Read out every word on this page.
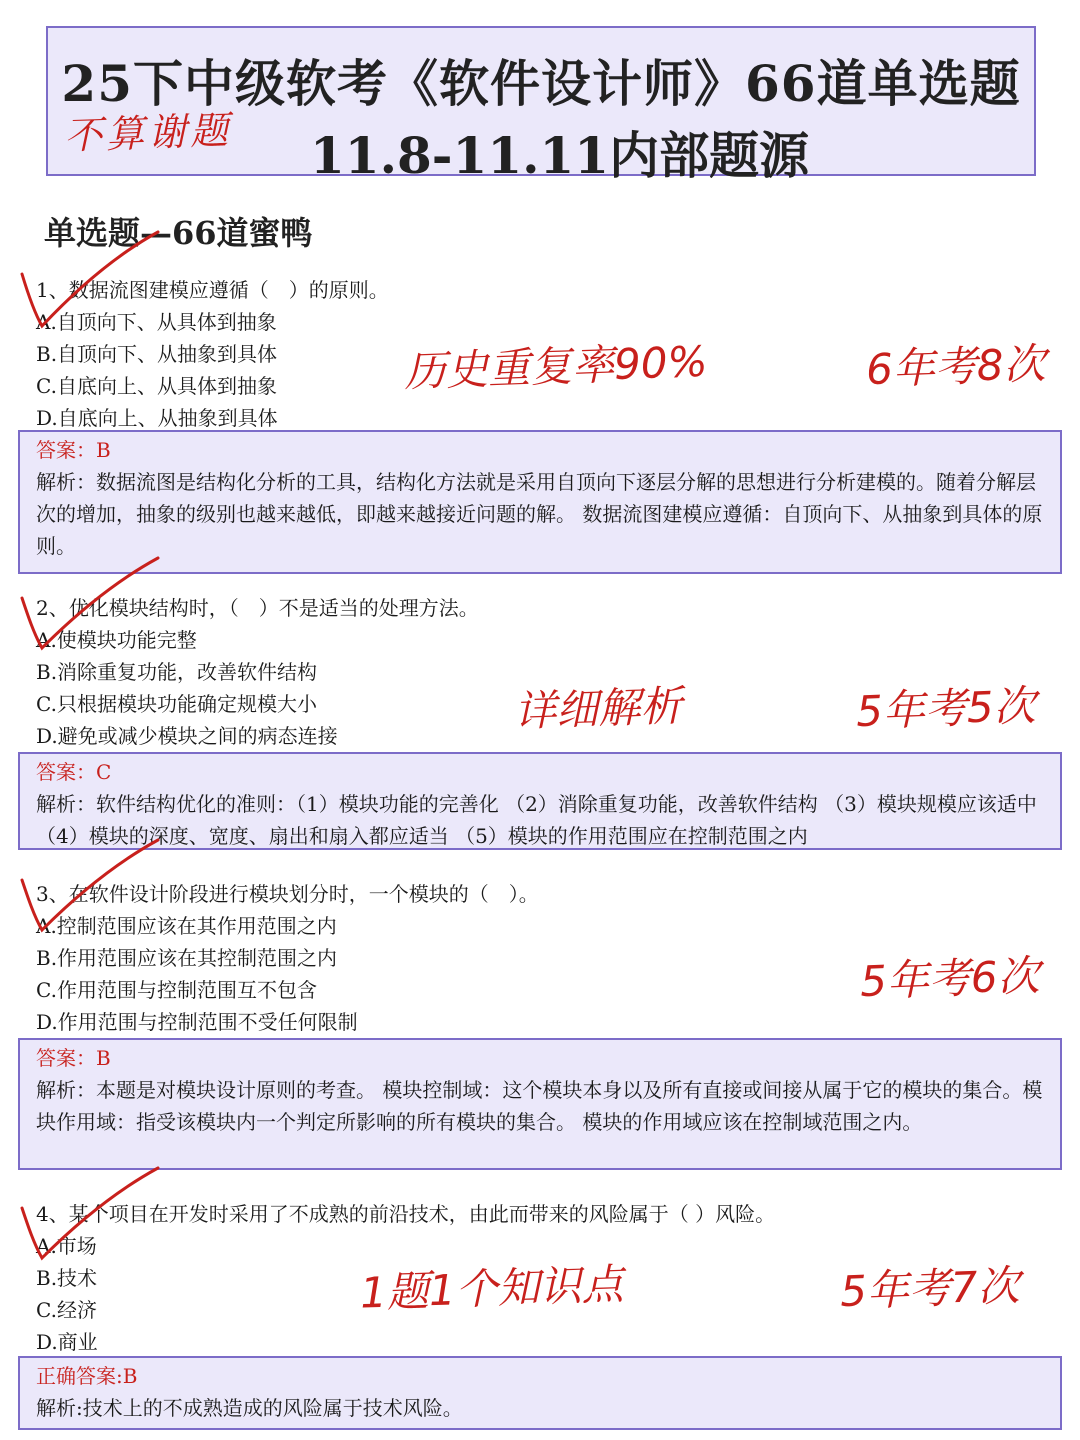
25下中级软考《软件设计师》66道单选题
11.8-11.11内部题源
不算谢题
单选题—66道蜜鸭
1、数据流图建模应遵循（　）的原则。
A.自顶向下、从具体到抽象
B.自顶向下、从抽象到具体
C.自底向上、从具体到抽象
D.自底向上、从抽象到具体
答案：B
解析：数据流图是结构化分析的工具，结构化方法就是采用自顶向下逐层分解的思想进行分析建模的。随着分解层次的增加，抽象的级别也越来越低，即越来越接近问题的解。 数据流图建模应遵循：自顶向下、从抽象到具体的原则。
历史重复率90%	6年考8次
2、优化模块结构时，（　）不是适当的处理方法。
A.使模块功能完整
B.消除重复功能，改善软件结构
C.只根据模块功能确定规模大小
D.避免或减少模块之间的病态连接
答案：C
解析：软件结构优化的准则：（1）模块功能的完善化 （2）消除重复功能，改善软件结构 （3）模块规模应该适中 （4）模块的深度、宽度、扇出和扇入都应适当 （5）模块的作用范围应在控制范围之内
详细解析	5年考5次
3、在软件设计阶段进行模块划分时，一个模块的（　）。
A.控制范围应该在其作用范围之内
B.作用范围应该在其控制范围之内
C.作用范围与控制范围互不包含
D.作用范围与控制范围不受任何限制
答案：B
解析：本题是对模块设计原则的考查。 模块控制域：这个模块本身以及所有直接或间接从属于它的模块的集合。模块作用域：指受该模块内一个判定所影响的所有模块的集合。 模块的作用域应该在控制域范围之内。
5年考6次
4、某个项目在开发时采用了不成熟的前沿技术，由此而带来的风险属于（ ）风险。
A.市场
B.技术
C.经济
D.商业
正确答案:B
解析:技术上的不成熟造成的风险属于技术风险。
1题1个知识点	5年考7次
